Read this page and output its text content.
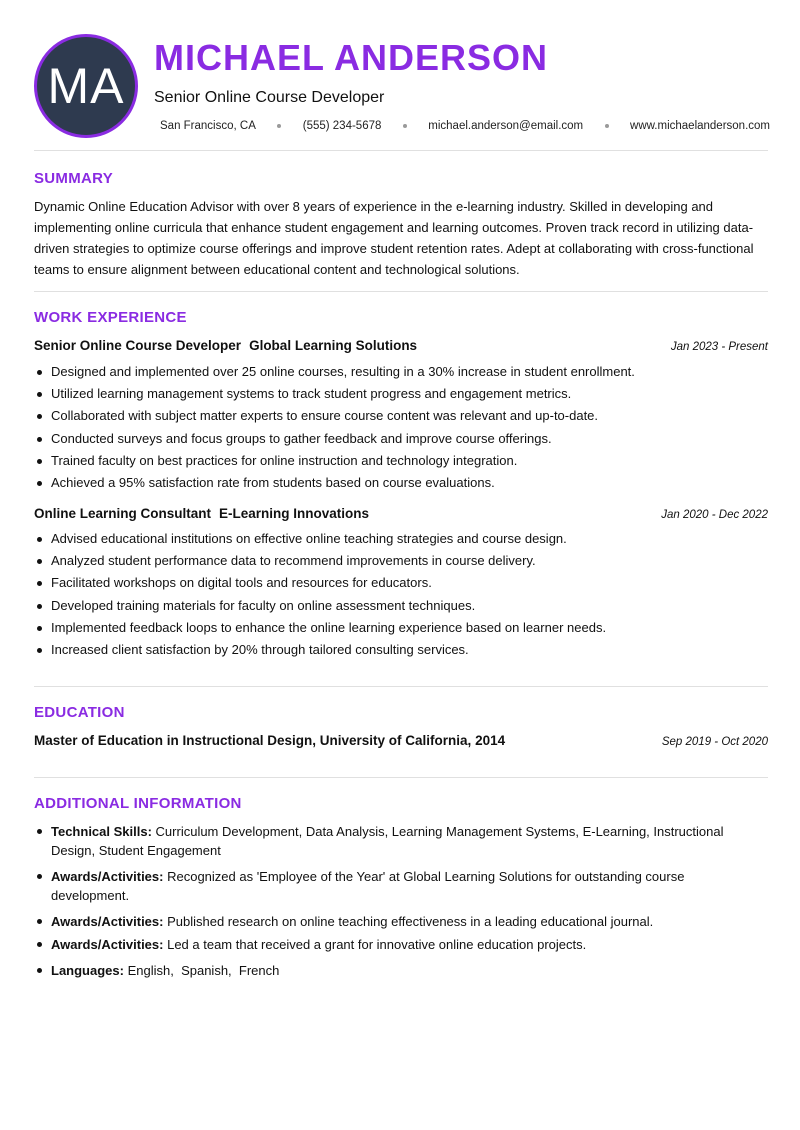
MA
MICHAEL ANDERSON
Senior Online Course Developer
San Francisco, CA	(555) 234-5678	michael.anderson@email.com	www.michaelanderson.com
SUMMARY

Dynamic Online Education Advisor with over 8 years of experience in the e-learning industry. Skilled in developing and implementing online curricula that enhance student engagement and learning outcomes. Proven track record in utilizing data-driven strategies to optimize course offerings and improve student retention rates. Adept at collaborating with cross-functional teams to ensure alignment between educational content and technological solutions.

WORK EXPERIENCE
Senior Online Course Developer Global Learning Solutions	Jan 2023 - Present
Designed and implemented over 25 online courses, resulting in a 30% increase in student enrollment.
Utilized learning management systems to track student progress and engagement metrics.
Collaborated with subject matter experts to ensure course content was relevant and up-to-date.
Conducted surveys and focus groups to gather feedback and improve course offerings.
Trained faculty on best practices for online instruction and technology integration.
Achieved a 95% satisfaction rate from students based on course evaluations.
Online Learning Consultant E-Learning Innovations	Jan 2020 - Dec 2022
Advised educational institutions on effective online teaching strategies and course design.
Analyzed student performance data to recommend improvements in course delivery.
Facilitated workshops on digital tools and resources for educators.
Developed training materials for faculty on online assessment techniques.
Implemented feedback loops to enhance the online learning experience based on learner needs.
Increased client satisfaction by 20% through tailored consulting services.
EDUCATION
Master of Education in Instructional Design, University of California, 2014	Sep 2019 - Oct 2020
ADDITIONAL INFORMATION
Technical Skills: Curriculum Development, Data Analysis, Learning Management Systems, E-Learning, Instructional Design, Student Engagement
Awards/Activities: Recognized as 'Employee of the Year' at Global Learning Solutions for outstanding course development.
Awards/Activities: Published research on online teaching effectiveness in a leading educational journal.
Awards/Activities: Led a team that received a grant for innovative online education projects.
Languages: English,  Spanish,  French
